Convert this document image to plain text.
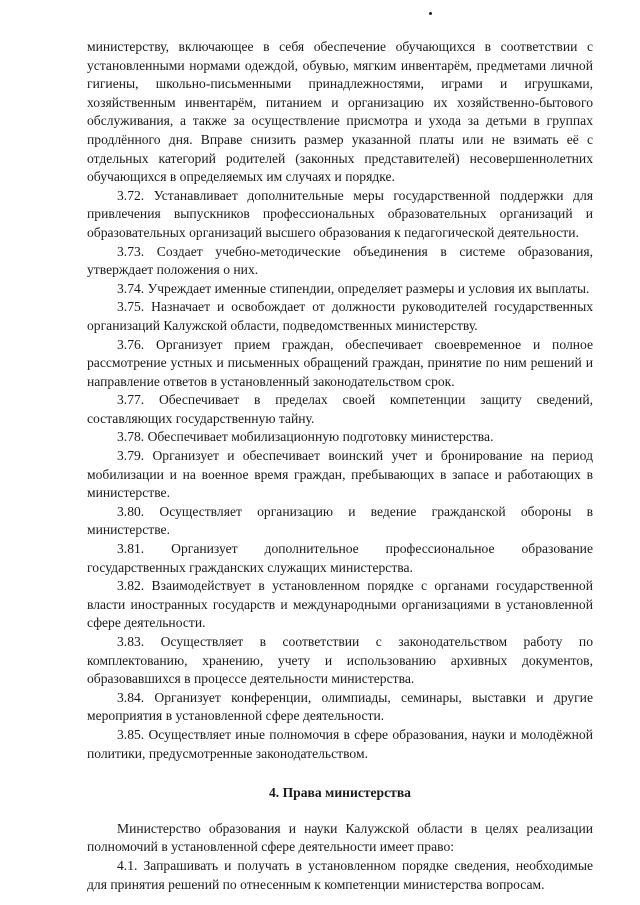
министерству, включающее в себя обеспечение обучающихся в соответствии с установленными нормами одеждой, обувью, мягким инвентарём, предметами личной гигиены, школьно-письменными принадлежностями, играми и игрушками, хозяйственным инвентарём, питанием и организацию их хозяйственно-бытового обслуживания, а также за осуществление присмотра и ухода за детьми в группах продлённого дня. Вправе снизить размер указанной платы или не взимать её с отдельных категорий родителей (законных представителей) несовершеннолетних обучающихся в определяемых им случаях и порядке.

3.72. Устанавливает дополнительные меры государственной поддержки для привлечения выпускников профессиональных образовательных организаций и образовательных организаций высшего образования к педагогической деятельности.

3.73. Создает учебно-методические объединения в системе образования, утверждает положения о них.

3.74. Учреждает именные стипендии, определяет размеры и условия их выплаты.

3.75. Назначает и освобождает от должности руководителей государственных организаций Калужской области, подведомственных министерству.

3.76. Организует прием граждан, обеспечивает своевременное и полное рассмотрение устных и письменных обращений граждан, принятие по ним решений и направление ответов в установленный законодательством срок.

3.77. Обеспечивает в пределах своей компетенции защиту сведений, составляющих государственную тайну.

3.78. Обеспечивает мобилизационную подготовку министерства.

3.79. Организует и обеспечивает воинский учет и бронирование на период мобилизации и на военное время граждан, пребывающих в запасе и работающих в министерстве.

3.80. Осуществляет организацию и ведение гражданской обороны в министерстве.

3.81. Организует дополнительное профессиональное образование государственных гражданских служащих министерства.

3.82. Взаимодействует в установленном порядке с органами государственной власти иностранных государств и международными организациями в установленной сфере деятельности.

3.83. Осуществляет в соответствии с законодательством работу по комплектованию, хранению, учету и использованию архивных документов, образовавшихся в процессе деятельности министерства.

3.84. Организует конференции, олимпиады, семинары, выставки и другие мероприятия в установленной сфере деятельности.

3.85. Осуществляет иные полномочия в сфере образования, науки и молодёжной политики, предусмотренные законодательством.

4. Права министерства

Министерство образования и науки Калужской области в целях реализации полномочий в установленной сфере деятельности имеет право:

4.1. Запрашивать и получать в установленном порядке сведения, необходимые для принятия решений по отнесенным к компетенции министерства вопросам.
